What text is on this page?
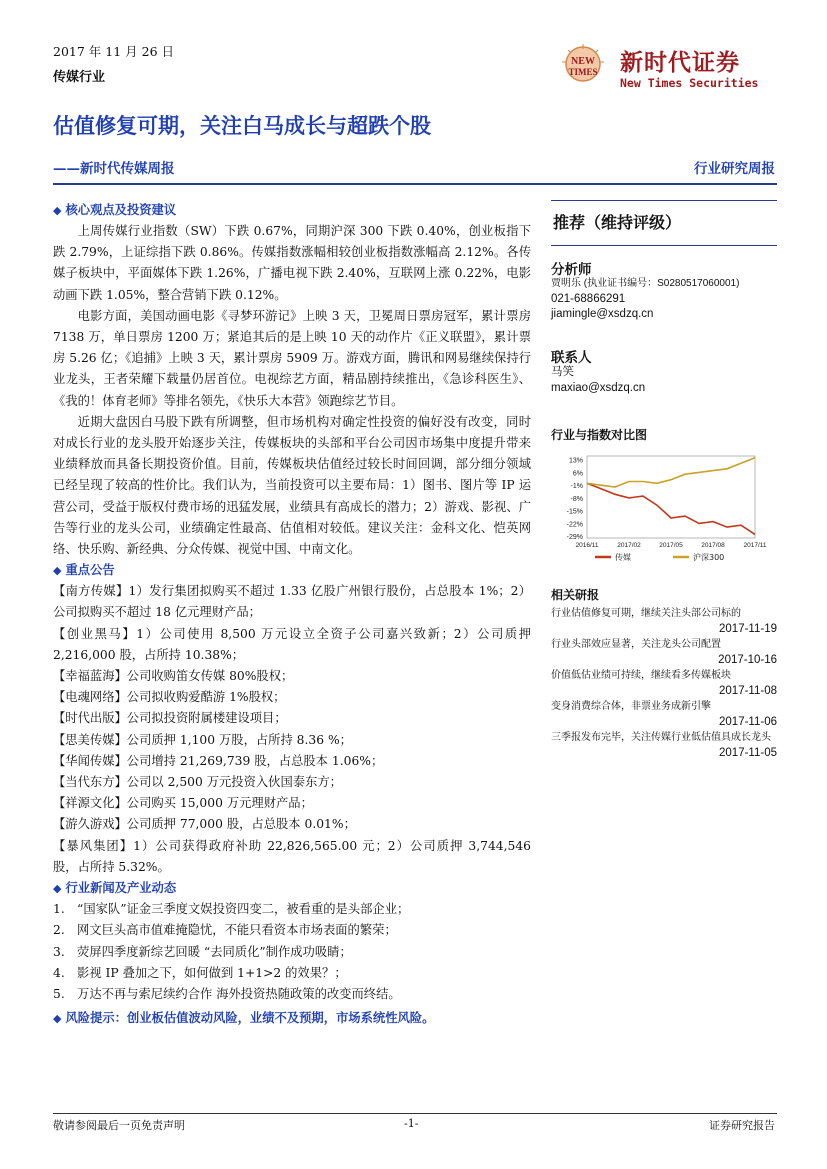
2017 年 11 月 26 日
传媒行业
NEW
TIMES 新时代证券
New Times Securities
估值修复可期，关注白马成长与超跌个股
——新时代传媒周报	行业研究周报
◆ 核心观点及投资建议

上周传媒行业指数（SW）下跌 0.67%，同期沪深 300 下跌 0.40%，创业板指下跌 2.79%，上证综指下跌 0.86%。传媒指数涨幅相较创业板指数涨幅高 2.12%。各传媒子板块中，平面媒体下跌 1.26%，广播电视下跌 2.40%，互联网上涨 0.22%，电影动画下跌 1.05%，整合营销下跌 0.12%。

电影方面，美国动画电影《寻梦环游记》上映 3 天，卫冕周日票房冠军，累计票房 7138 万，单日票房 1200 万；紧追其后的是上映 10 天的动作片《正义联盟》，累计票房 5.26 亿；《追捕》上映 3 天，累计票房 5909 万。游戏方面，腾讯和网易继续保持行业龙头，王者荣耀下载量仍居首位。电视综艺方面，精品剧持续推出，《急诊科医生》、《我的！体育老师》等排名领先，《快乐大本营》领跑综艺节目。

近期大盘因白马股下跌有所调整，但市场机构对确定性投资的偏好没有改变，同时对成长行业的龙头股开始逐步关注，传媒板块的头部和平台公司因市场集中度提升带来业绩释放而具备长期投资价值。目前，传媒板块估值经过较长时间回调，部分细分领域已经呈现了较高的性价比。我们认为，当前投资可以主要布局：1）图书、图片等 IP 运营公司，受益于版权付费市场的迅猛发展，业绩具有高成长的潜力；2）游戏、影视、广告等行业的龙头公司，业绩确定性最高、估值相对较低。建议关注：金科文化、恺英网络、快乐购、新经典、分众传媒、视觉中国、中南文化。

◆ 重点公告
【南方传媒】1）发行集团拟购买不超过 1.33 亿股广州银行股份，占总股本 1%；2）公司拟购买不超过 18 亿元理财产品；
【创业黑马】1）公司使用 8,500 万元设立全资子公司嘉兴致新；2）公司质押 2,216,000 股，占所持 10.38%；
【幸福蓝海】公司收购笛女传媒 80%股权；
【电魂网络】公司拟收购爱酷游 1%股权；
【时代出版】公司拟投资附属楼建设项目；
【思美传媒】公司质押 1,100 万股，占所持 8.36 %；
【华闻传媒】公司增持 21,269,739 股，占总股本 1.06%；
【当代东方】公司以 2,500 万元投资入伙国泰东方；
【祥源文化】公司购买 15,000 万元理财产品；
【游久游戏】公司质押 77,000 股，占总股本 0.01%；
【暴风集团】1）公司获得政府补助 22,826,565.00 元；2）公司质押 3,744,546 股，占所持 5.32%。
◆ 行业新闻及产业动态
1.　“国家队”证金三季度文娱投资四变二，被看重的是头部企业；
2.　网文巨头高市值难掩隐忧，不能只看资本市场表面的繁荣；
3.　荧屏四季度新综艺回暖 “去同质化”制作成功吸睛；
4.　影视 IP 叠加之下，如何做到 1+1>2 的效果？；
5.　万达不再与索尼续约合作 海外投资热随政策的改变而终结。
◆ 风险提示：创业板估值波动风险，业绩不及预期，市场系统性风险。
推荐（维持评级）
分析师
贾明乐 (执业证书编号：S0280517060001)
021-68866291
jiamingle@xsdzq.cn
联系人
马笑
maxiao@xsdzq.cn
行业与指数对比图
13%
6%
-1%
-8%
-15%
-22%
-29%
2016/11	2017/02	2017/05	2017/08	2017/11
传媒	沪深300
相关研报
行业估值修复可期，继续关注头部公司标的
2017-11-19
行业头部效应显著，关注龙头公司配置
2017-10-16
价值低估业绩可持续，继续看多传媒板块
2017-11-08
变身消费综合体，非票业务成新引擎
2017-11-06
三季报发布完毕，关注传媒行业低估值具成长龙头
2017-11-05
敬请参阅最后一页免责声明	-1-	证券研究报告
